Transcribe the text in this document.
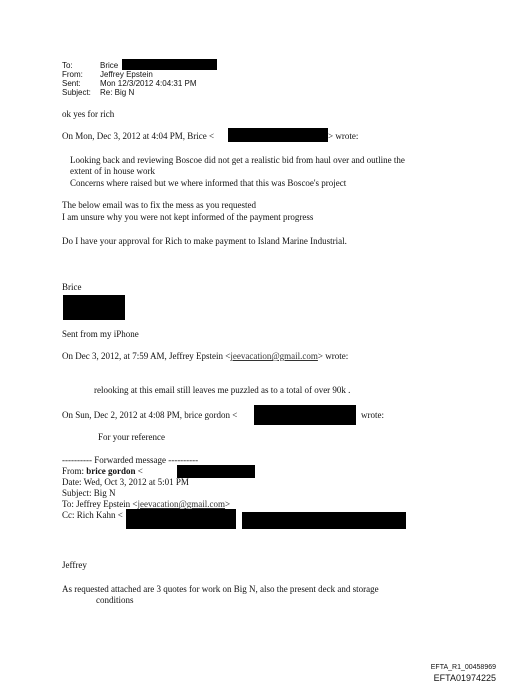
To:	Brice
From: Jeffrey Epstein
Sent: Mon 12/3/2012 4:04:31 PM
Subject: Re: Big N
ok yes for rich
On Mon, Dec 3, 2012 at 4:04 PM, Brice <	> wrote:
Looking back and reviewing Boscoe did not get a realistic bid from haul over and outline the
extent of in house work
Concerns where raised but we where informed that this was Boscoe's project
The below email was to fix the mess as you requested
I am unsure why you were not kept informed of the payment progress
Do I have your approval for Rich to make payment to Island Marine Industrial.
Brice
Sent from my iPhone
On Dec 3, 2012, at 7:59 AM, Jeffrey Epstein <jeevacation@gmail.com> wrote:
relooking at this email still leaves me puzzled as to a total of over 90k .
On Sun, Dec 2, 2012 at 4:08 PM, brice gordon <	wrote:
For your reference
---------- Forwarded message ----------
From: brice gordon <
Date: Wed, Oct 3, 2012 at 5:01 PM
Subject: Big N
To: Jeffrey Epstein <jeevacation@gmail.com>
Cc: Rich Kahn <
Jeffrey
As requested attached are 3 quotes for work on Big N, also the present deck and storage
conditions
EFTA_R1_00458969
EFTA01974225
